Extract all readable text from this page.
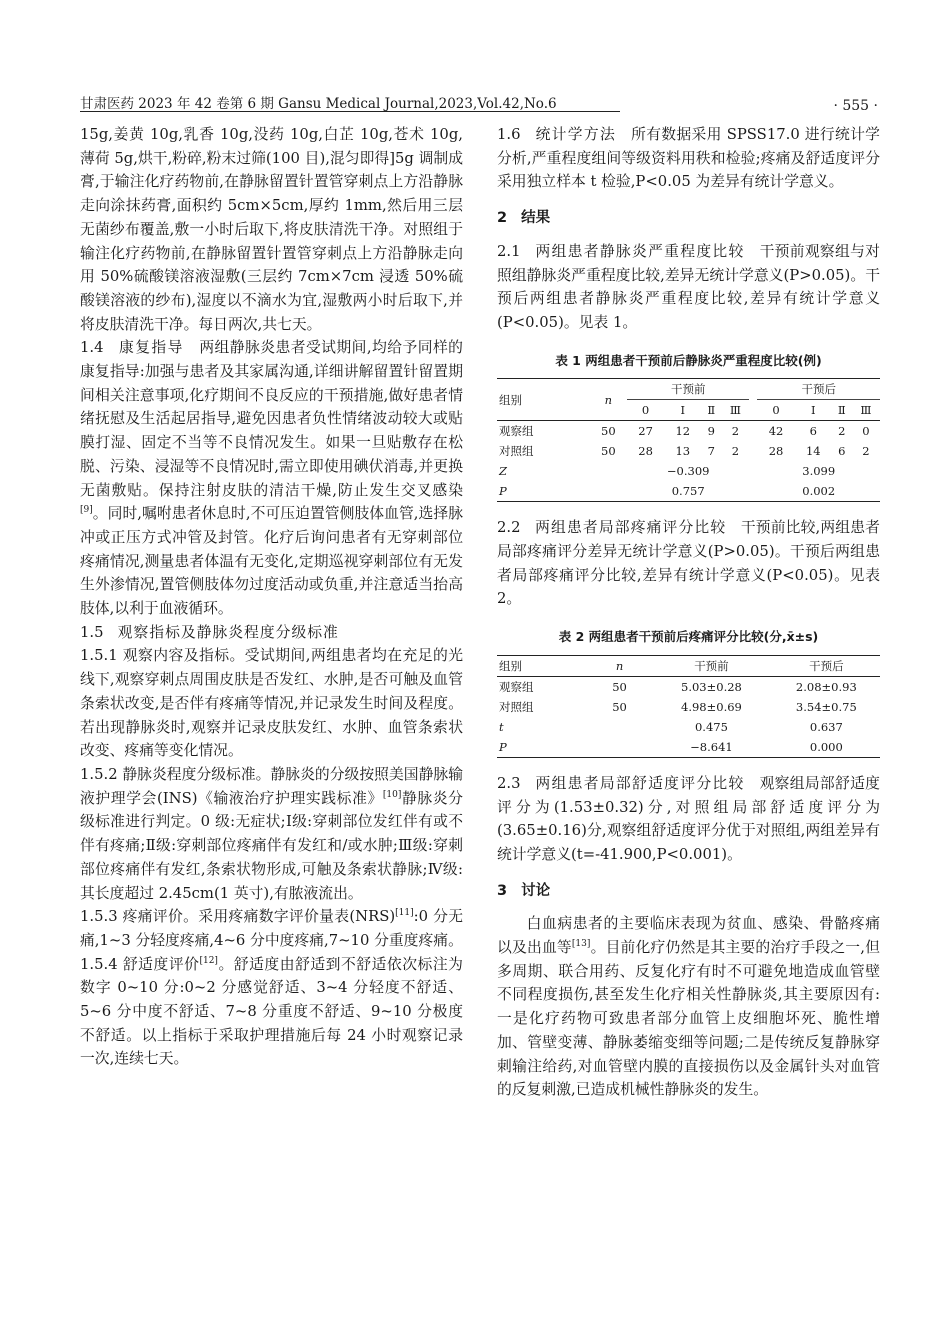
甘肃医药 2023 年 42 卷第 6 期 Gansu Medical Journal,2023,Vol.42,No.6	· 555 ·

15g,姜黄 10g,乳香 10g,没药 10g,白芷 10g,苍术 10g,薄荷 5g,烘干,粉碎,粉末过筛(100 目),混匀即得]5g 调制成膏,于输注化疗药物前,在静脉留置针置管穿刺点上方沿静脉走向涂抹药膏,面积约 5cm×5cm,厚约 1mm,然后用三层无菌纱布覆盖,敷一小时后取下,将皮肤清洗干净。对照组于输注化疗药物前,在静脉留置针置管穿刺点上方沿静脉走向用 50%硫酸镁溶液湿敷(三层约 7cm×7cm 浸透 50%硫酸镁溶液的纱布),湿度以不滴水为宜,湿敷两小时后取下,并将皮肤清洗干净。每日两次,共七天。

1.4 康复指导 两组静脉炎患者受试期间,均给予同样的康复指导:加强与患者及其家属沟通,详细讲解留置针留置期间相关注意事项,化疗期间不良反应的干预措施,做好患者情绪抚慰及生活起居指导,避免因患者负性情绪波动较大或贴膜打湿、固定不当等不良情况发生。如果一旦贴敷存在松脱、污染、浸湿等不良情况时,需立即使用碘伏消毒,并更换无菌敷贴。保持注射皮肤的清洁干燥,防止发生交叉感染[9]。同时,嘱咐患者休息时,不可压迫置管侧肢体血管,选择脉冲或正压方式冲管及封管。化疗后询问患者有无穿刺部位疼痛情况,测量患者体温有无变化,定期巡视穿刺部位有无发生外渗情况,置管侧肢体勿过度活动或负重,并注意适当抬高肢体,以利于血液循环。

1.5 观察指标及静脉炎程度分级标准

1.5.1 观察内容及指标。受试期间,两组患者均在充足的光线下,观察穿刺点周围皮肤是否发红、水肿,是否可触及血管条索状改变,是否伴有疼痛等情况,并记录发生时间及程度。若出现静脉炎时,观察并记录皮肤发红、水肿、血管条索状改变、疼痛等变化情况。

1.5.2 静脉炎程度分级标准。静脉炎的分级按照美国静脉输液护理学会(INS)《输液治疗护理实践标准》[10]静脉炎分级标准进行判定。0 级:无症状;Ⅰ级:穿刺部位发红伴有或不伴有疼痛;Ⅱ级:穿刺部位疼痛伴有发红和/或水肿;Ⅲ级:穿刺部位疼痛伴有发红,条索状物形成,可触及条索状静脉;Ⅳ级:其长度超过 2.45cm(1 英寸),有脓液流出。

1.5.3 疼痛评价。采用疼痛数字评价量表(NRS)[11]:0 分无痛,1~3 分轻度疼痛,4~6 分中度疼痛,7~10 分重度疼痛。

1.5.4 舒适度评价[12]。舒适度由舒适到不舒适依次标注为数字 0~10 分:0~2 分感觉舒适、3~4 分轻度不舒适、5~6 分中度不舒适、7~8 分重度不舒适、9~10 分极度不舒适。以上指标于采取护理措施后每 24 小时观察记录一次,连续七天。

1.6 统计学方法 所有数据采用 SPSS17.0 进行统计学分析,严重程度组间等级资料用秩和检验;疼痛及舒适度评分采用独立样本 t 检验,P<0.05 为差异有统计学意义。

2 结果

2.1 两组患者静脉炎严重程度比较 干预前观察组与对照组静脉炎严重程度比较,差异无统计学意义(P>0.05)。干预后两组患者静脉炎严重程度比较,差异有统计学意义(P<0.05)。见表 1。

表 1 两组患者干预前后静脉炎严重程度比较(例)
组别	n	干预前					干预后			
		0	Ⅰ	Ⅱ	Ⅲ		0	Ⅰ	Ⅱ	Ⅲ
观察组	50	27	12	9	2		42	6	2	0
对照组	50	28	13	7	2		28	14	6	2
Z		−0.309					3.099			
P		0.757					0.002			

2.2 两组患者局部疼痛评分比较 干预前比较,两组患者局部疼痛评分差异无统计学意义(P>0.05)。干预后两组患者局部疼痛评分比较,差异有统计学意义(P<0.05)。见表 2。

表 2 两组患者干预前后疼痛评分比较(分,x̄±s)
组别	n	干预前	干预后
观察组	50	5.03±0.28	2.08±0.93
对照组	50	4.98±0.69	3.54±0.75
t		0.475	0.637
P		−8.641	0.000

2.3 两组患者局部舒适度评分比较 观察组局部舒适度评分为(1.53±0.32)分,对照组局部舒适度评分为(3.65±0.16)分,观察组舒适度评分优于对照组,两组差异有统计学意义(t=-41.900,P<0.001)。

3 讨论

白血病患者的主要临床表现为贫血、感染、骨骼疼痛以及出血等[13]。目前化疗仍然是其主要的治疗手段之一,但多周期、联合用药、反复化疗有时不可避免地造成血管壁不同程度损伤,甚至发生化疗相关性静脉炎,其主要原因有:一是化疗药物可致患者部分血管上皮细胞坏死、脆性增加、管壁变薄、静脉萎缩变细等问题;二是传统反复静脉穿刺输注给药,对血管壁内膜的直接损伤以及金属针头对血管的反复刺激,已造成机械性静脉炎的发生。
